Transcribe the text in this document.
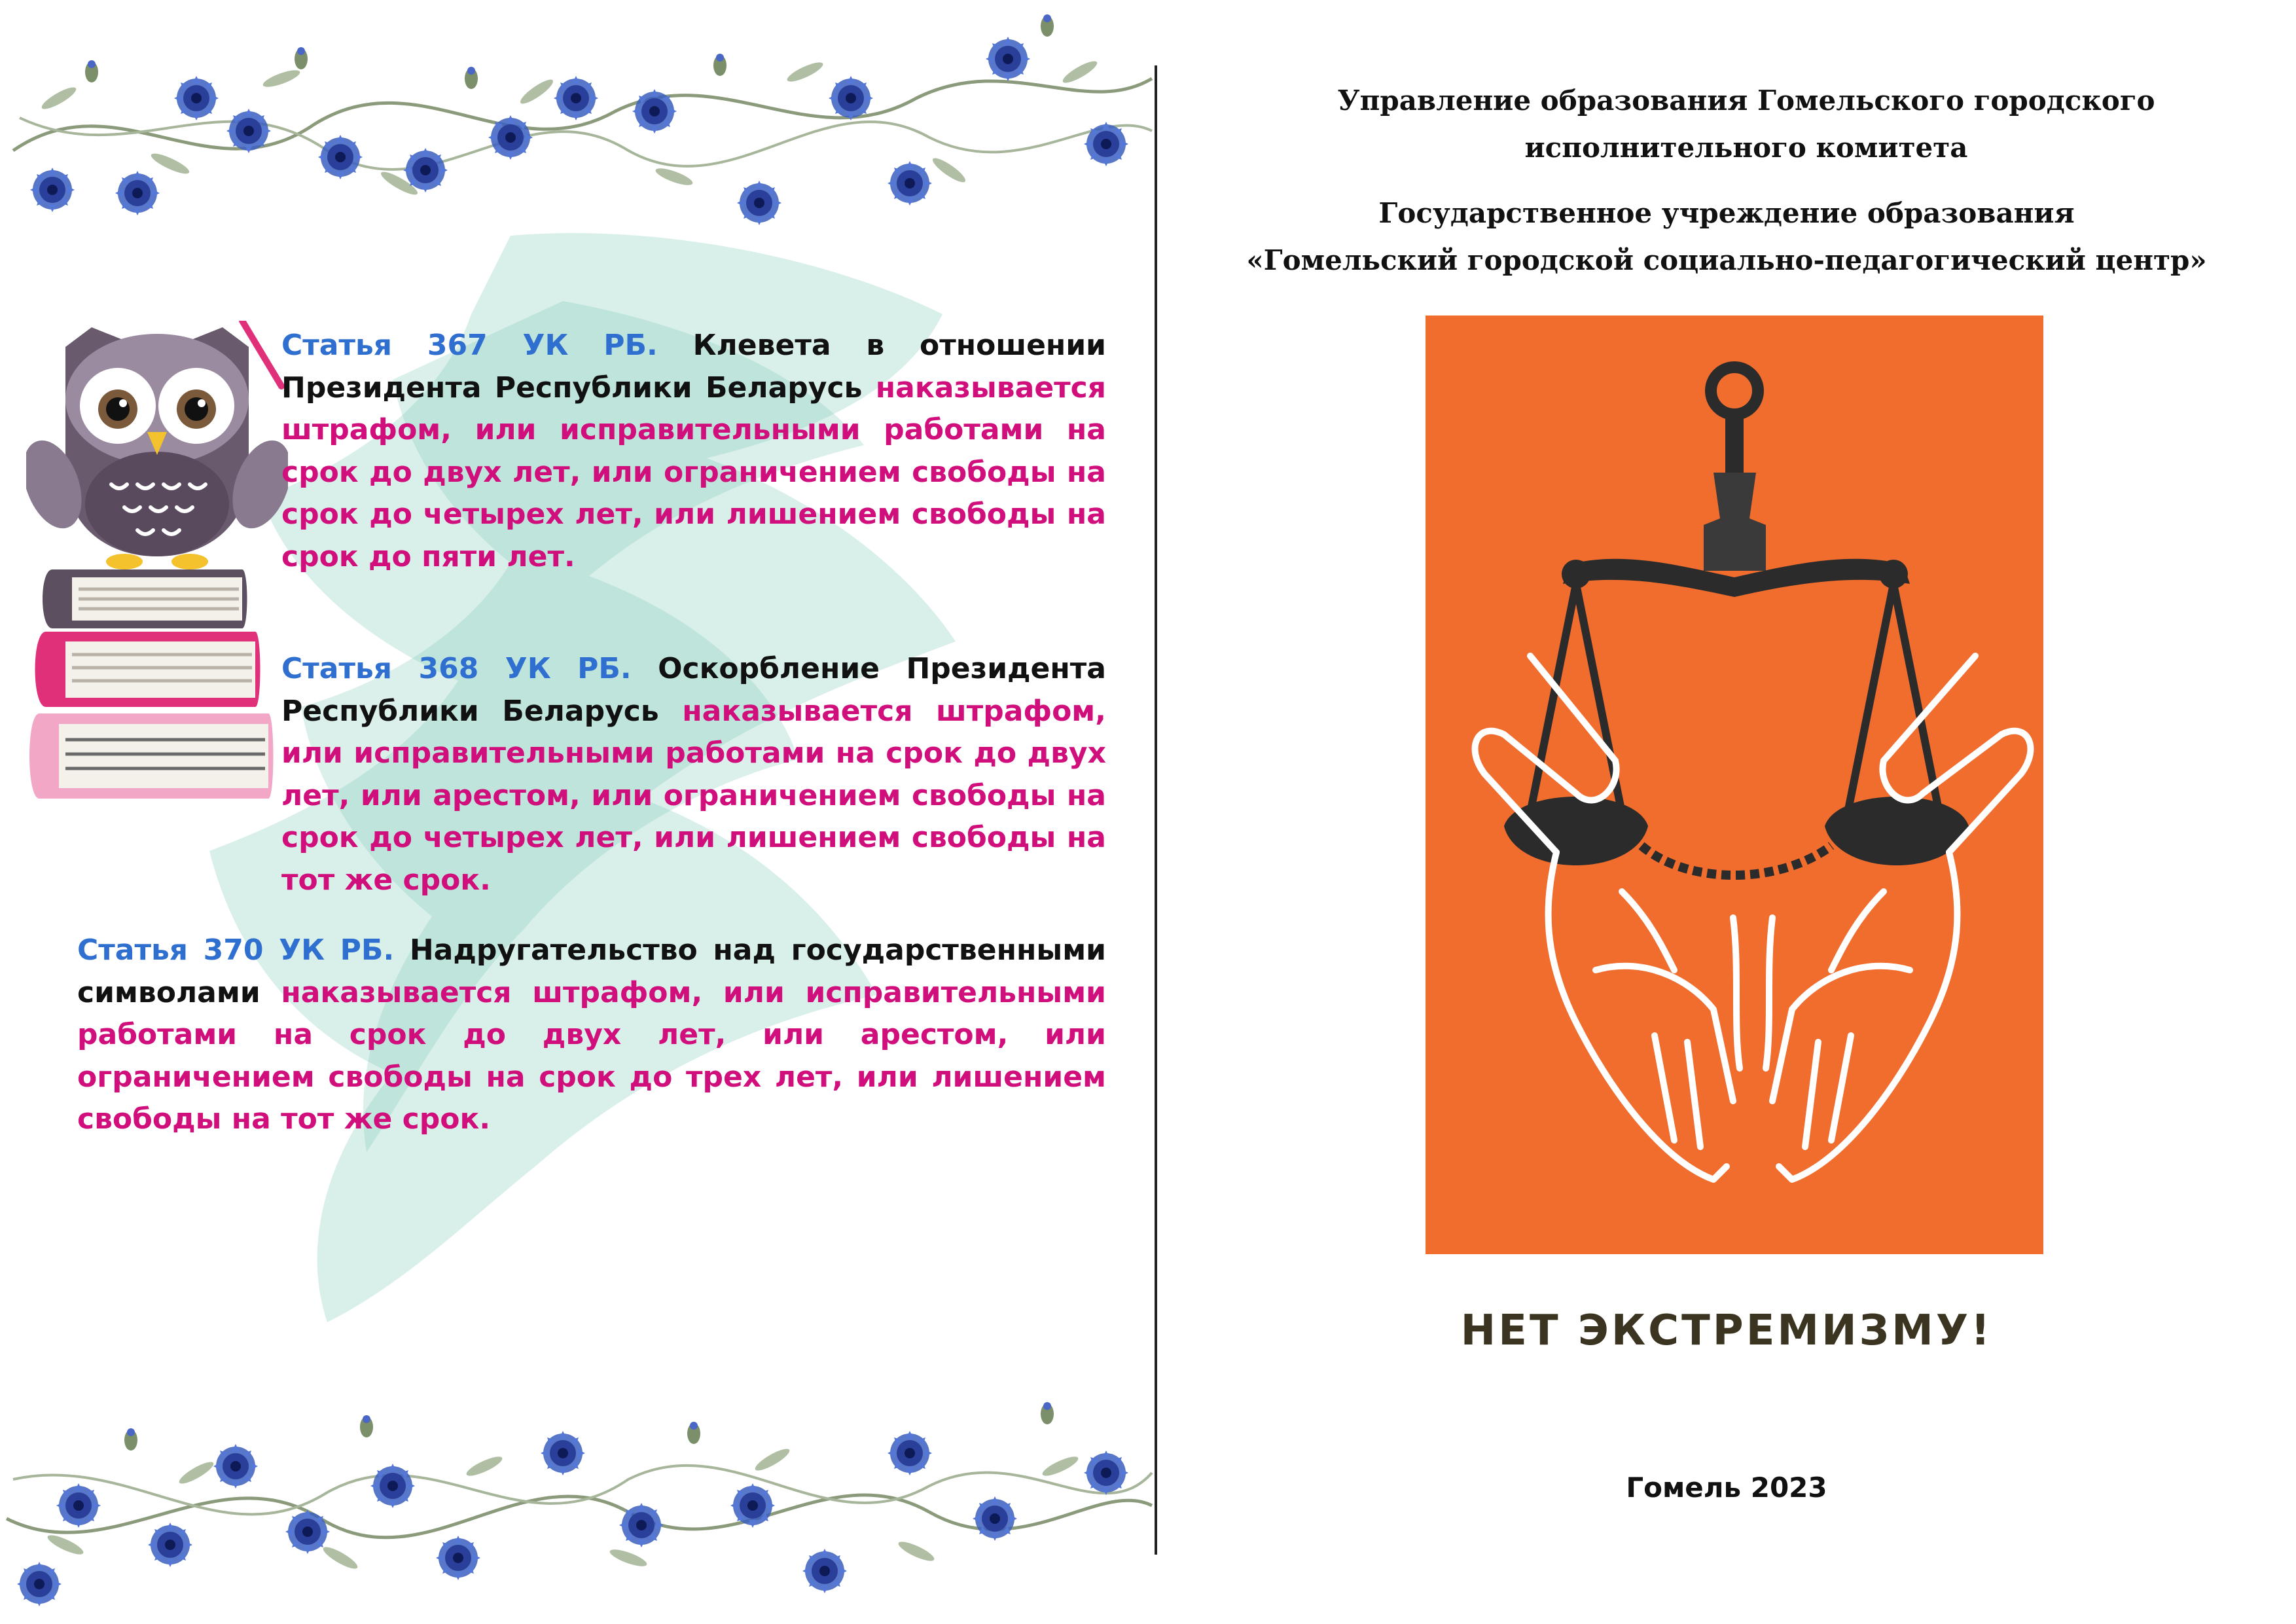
Статья 367 УК РБ. Клевета в отношении Президента Республики Беларусь наказывается штрафом, или исправительными работами на срок до двух лет, или ограничением свободы на срок до четырех лет, или лишением свободы на срок до пяти лет.

Статья 368 УК РБ. Оскорбление Президента Республики Беларусь наказывается штрафом, или исправительными работами на срок до двух лет, или арестом, или ограничением свободы на срок до четырех лет, или лишением свободы на тот же срок.

Статья 370 УК РБ. Надругательство над государственными символами наказывается штрафом, или исправительными работами на срок до двух лет, или арестом, или ограничением свободы на срок до трех лет, или лишением свободы на тот же срок.

Управление образования Гомельского городского исполнительного комитета

Государственное учреждение образования
«Гомельский городской социально-педагогический центр»

НЕТ ЭКСТРЕМИЗМУ!

Гомель 2023
